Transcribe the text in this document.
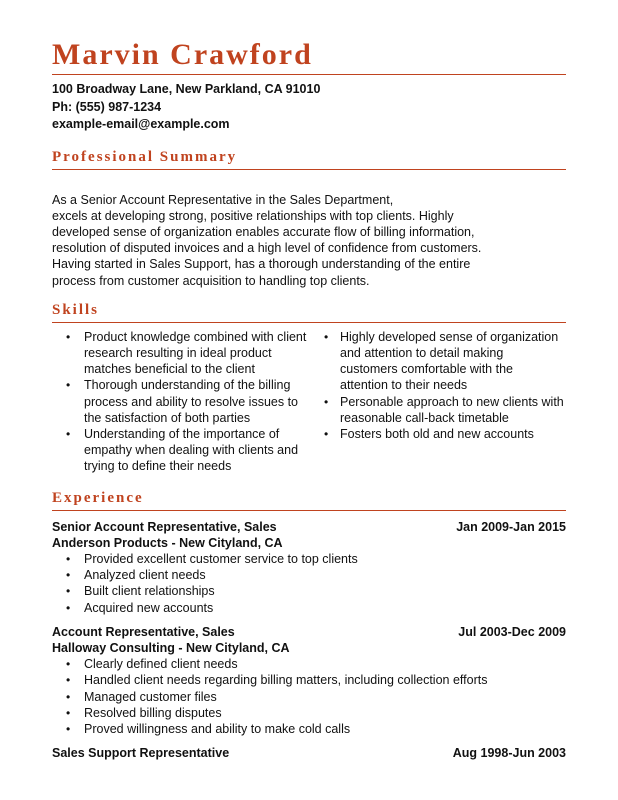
Marvin Crawford
100 Broadway Lane, New Parkland, CA 91010
Ph: (555) 987-1234
example-email@example.com
Professional Summary
As a Senior Account Representative in the Sales Department,
excels at developing strong, positive relationships with top clients. Highly
developed sense of organization enables accurate flow of billing information,
resolution of disputed invoices and a high level of confidence from customers.
Having started in Sales Support, has a thorough understanding of the entire
process from customer acquisition to handling top clients.
Skills
• Product knowledge combined with client
research resulting in ideal product
matches beneficial to the client
• Thorough understanding of the billing
process and ability to resolve issues to
the satisfaction of both parties
• Understanding of the importance of
empathy when dealing with clients and
trying to define their needs
• Highly developed sense of organization
and attention to detail making
customers comfortable with the
attention to their needs
• Personable approach to new clients with
reasonable call-back timetable
• Fosters both old and new accounts
Experience
Senior Account Representative, Sales	Jan 2009-Jan 2015
Anderson Products - New Cityland, CA
• Provided excellent customer service to top clients
• Analyzed client needs
• Built client relationships
• Acquired new accounts
Account Representative, Sales	Jul 2003-Dec 2009
Halloway Consulting - New Cityland, CA
• Clearly defined client needs
• Handled client needs regarding billing matters, including collection efforts
• Managed customer files
• Resolved billing disputes
• Proved willingness and ability to make cold calls
Sales Support Representative	Aug 1998-Jun 2003
